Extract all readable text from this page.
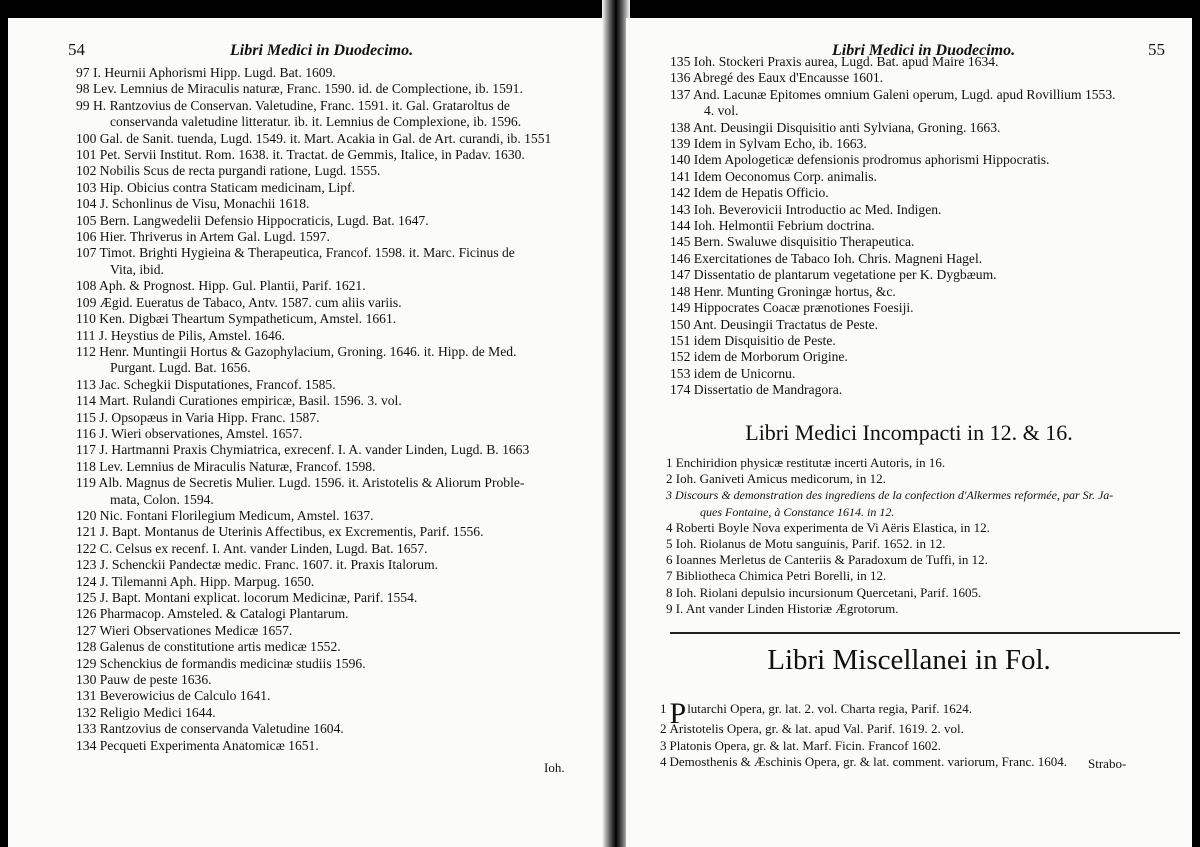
54	Libri Medici in Duodecimo.
97 I. Heurnii Aphorismi Hipp. Lugd. Bat. 1609.
98 Lev. Lemnius de Miraculis naturæ, Franc. 1590. id. de Complectione, ib. 1591.
99 H. Rantzovius de Conservan. Valetudine, Franc. 1591. it. Gal. Grataroltus de
conservanda valetudine litteratur. ib. it. Lemnius de Complexione, ib. 1596.
100 Gal. de Sanit. tuenda, Lugd. 1549. it. Mart. Acakia in Gal. de Art. curandi, ib. 1551
101 Pet. Servii Institut. Rom. 1638. it. Tractat. de Gemmis, Italice, in Padav. 1630.
102 Nobilis Scus de recta purgandi ratione, Lugd. 1555.
103 Hip. Obicius contra Staticam medicinam, Lipf.
104 J. Schonlinus de Visu, Monachii 1618.
105 Bern. Langwedelii Defensio Hippocraticis, Lugd. Bat. 1647.
106 Hier. Thriverus in Artem Gal. Lugd. 1597.
107 Timot. Brighti Hygieina & Therapeutica, Francof. 1598. it. Marc. Ficinus de
Vita, ibid.
108 Aph. & Prognost. Hipp. Gul. Plantii, Parif. 1621.
109 Ægid. Eueratus de Tabaco, Antv. 1587. cum aliis variis.
110 Ken. Digbæi Theartum Sympatheticum, Amstel. 1661.
111 J. Heystius de Pilis, Amstel. 1646.
112 Henr. Muntingii Hortus & Gazophylacium, Groning. 1646. it. Hipp. de Med.
Purgant. Lugd. Bat. 1656.
113 Jac. Schegkii Disputationes, Francof. 1585.
114 Mart. Rulandi Curationes empiricæ, Basil. 1596. 3. vol.
115 J. Opsopæus in Varia Hipp. Franc. 1587.
116 J. Wieri observationes, Amstel. 1657.
117 J. Hartmanni Praxis Chymiatrica, exrecenf. I. A. vander Linden, Lugd. B. 1663
118 Lev. Lemnius de Miraculis Naturæ, Francof. 1598.
119 Alb. Magnus de Secretis Mulier. Lugd. 1596. it. Aristotelis & Aliorum Proble-
mata, Colon. 1594.
120 Nic. Fontani Florilegium Medicum, Amstel. 1637.
121 J. Bapt. Montanus de Uterinis Affectibus, ex Excrementis, Parif. 1556.
122 C. Celsus ex recenf. I. Ant. vander Linden, Lugd. Bat. 1657.
123 J. Schenckii Pandectæ medic. Franc. 1607. it. Praxis Italorum.
124 J. Tilemanni Aph. Hipp. Marpug. 1650.
125 J. Bapt. Montani explicat. locorum Medicinæ, Parif. 1554.
126 Pharmacop. Amsteled. & Catalogi Plantarum.
127 Wieri Observationes Medicæ 1657.
128 Galenus de constitutione artis medicæ 1552.
129 Schenckius de formandis medicinæ studiis 1596.
130 Pauw de peste 1636.
131 Beverowicius de Calculo 1641.
132 Religio Medici 1644.
133 Rantzovius de conservanda Valetudine 1604.
134 Pecqueti Experimenta Anatomicæ 1651.
Ioh.
Libri Medici in Duodecimo.	55
135 Ioh. Stockeri Praxis aurea, Lugd. Bat. apud Maire 1634.
136 Abregé des Eaux d'Encausse 1601.
137 And. Lacunæ Epitomes omnium Galeni operum, Lugd. apud Rovillium 1553.
4. vol.
138 Ant. Deusingii Disquisitio anti Sylviana, Groning. 1663.
139 Idem in Sylvam Echo, ib. 1663.
140 Idem Apologeticæ defensionis prodromus aphorismi Hippocratis.
141 Idem Oeconomus Corp. animalis.
142 Idem de Hepatis Officio.
143 Ioh. Beverovicii Introductio ac Med. Indigen.
144 Ioh. Helmontii Febrium doctrina.
145 Bern. Swaluwe disquisitio Therapeutica.
146 Exercitationes de Tabaco Ioh. Chris. Magneni Hagel.
147 Dissentatio de plantarum vegetatione per K. Dygbæum.
148 Henr. Munting Groningæ hortus, &c.
149 Hippocrates Coacæ prænotiones Foesiji.
150 Ant. Deusingii Tractatus de Peste.
151 idem Disquisitio de Peste.
152 idem de Morborum Origine.
153 idem de Unicornu.
174 Dissertatio de Mandragora.
Libri Medici Incompacti in 12. & 16.
1 Enchiridion physicæ restitutæ incerti Autoris, in 16.
2 Ioh. Ganiveti Amicus medicorum, in 12.
3 Discours & demonstration des ingrediens de la confection d'Alkermes reformée, par Sr. Ja-
ques Fontaine, à Constance 1614. in 12.
4 Roberti Boyle Nova experimenta de Vi Aëris Elastica, in 12.
5 Ioh. Riolanus de Motu sanguinis, Parif. 1652. in 12.
6 Ioannes Merletus de Canteriis & Paradoxum de Tuffi, in 12.
7 Bibliotheca Chimica Petri Borelli, in 12.
8 Ioh. Riolani depulsio incursionum Quercetani, Parif. 1605.
9 I. Ant vander Linden Historiæ Ægrotorum.
Libri Miscellanei in Fol.
1 Plutarchi Opera, gr. lat. 2. vol. Charta regia, Parif. 1624.
2 Aristotelis Opera, gr. & lat. apud Val. Parif. 1619. 2. vol.
3 Platonis Opera, gr. & lat. Marf. Ficin. Francof 1602.
4 Demosthenis & Æschinis Opera, gr. & lat. comment. variorum, Franc. 1604.	Strabo-
